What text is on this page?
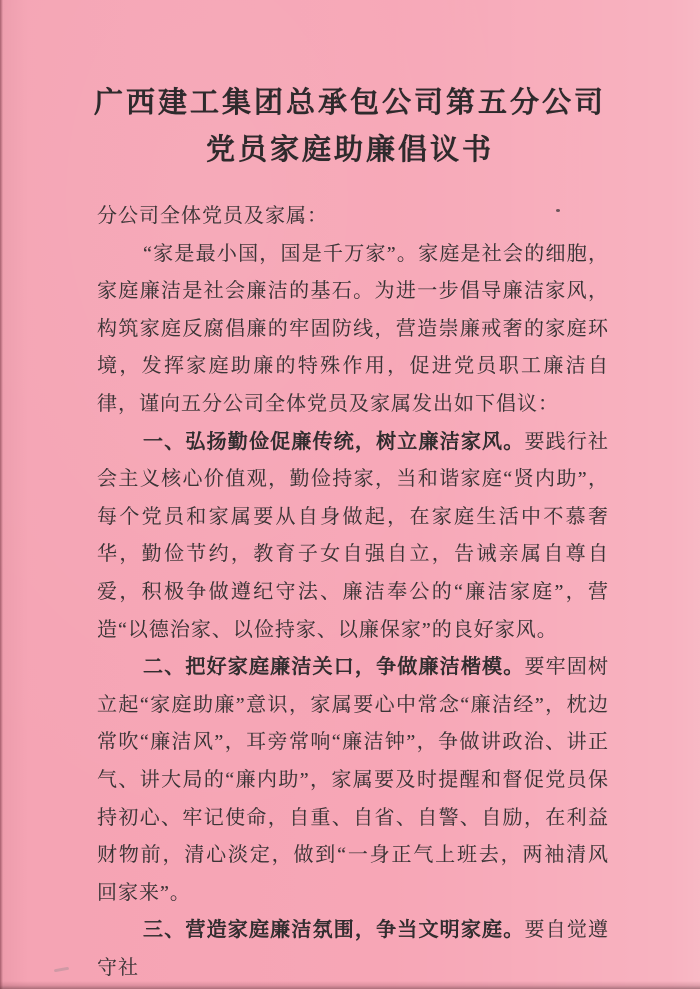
广西建工集团总承包公司第五分公司
党员家庭助廉倡议书

分公司全体党员及家属：

“家是最小国，国是千万家”。家庭是社会的细胞，家庭廉洁是社会廉洁的基石。为进一步倡导廉洁家风，构筑家庭反腐倡廉的牢固防线，营造崇廉戒奢的家庭环境，发挥家庭助廉的特殊作用，促进党员职工廉洁自律，谨向五分公司全体党员及家属发出如下倡议：

一、弘扬勤俭促廉传统，树立廉洁家风。要践行社会主义核心价值观，勤俭持家，当和谐家庭“贤内助”，每个党员和家属要从自身做起，在家庭生活中不慕奢华，勤俭节约，教育子女自强自立，告诫亲属自尊自爱，积极争做遵纪守法、廉洁奉公的“廉洁家庭”，营造“以德治家、以俭持家、以廉保家”的良好家风。

二、把好家庭廉洁关口，争做廉洁楷模。要牢固树立起“家庭助廉”意识，家属要心中常念“廉洁经”，枕边常吹“廉洁风”，耳旁常响“廉洁钟”，争做讲政治、讲正气、讲大局的“廉内助”，家属要及时提醒和督促党员保持初心、牢记使命，自重、自省、自警、自励，在利益财物前，清心淡定，做到“一身正气上班去，两袖清风回家来”。

三、营造家庭廉洁氛围，争当文明家庭。要自觉遵守社
